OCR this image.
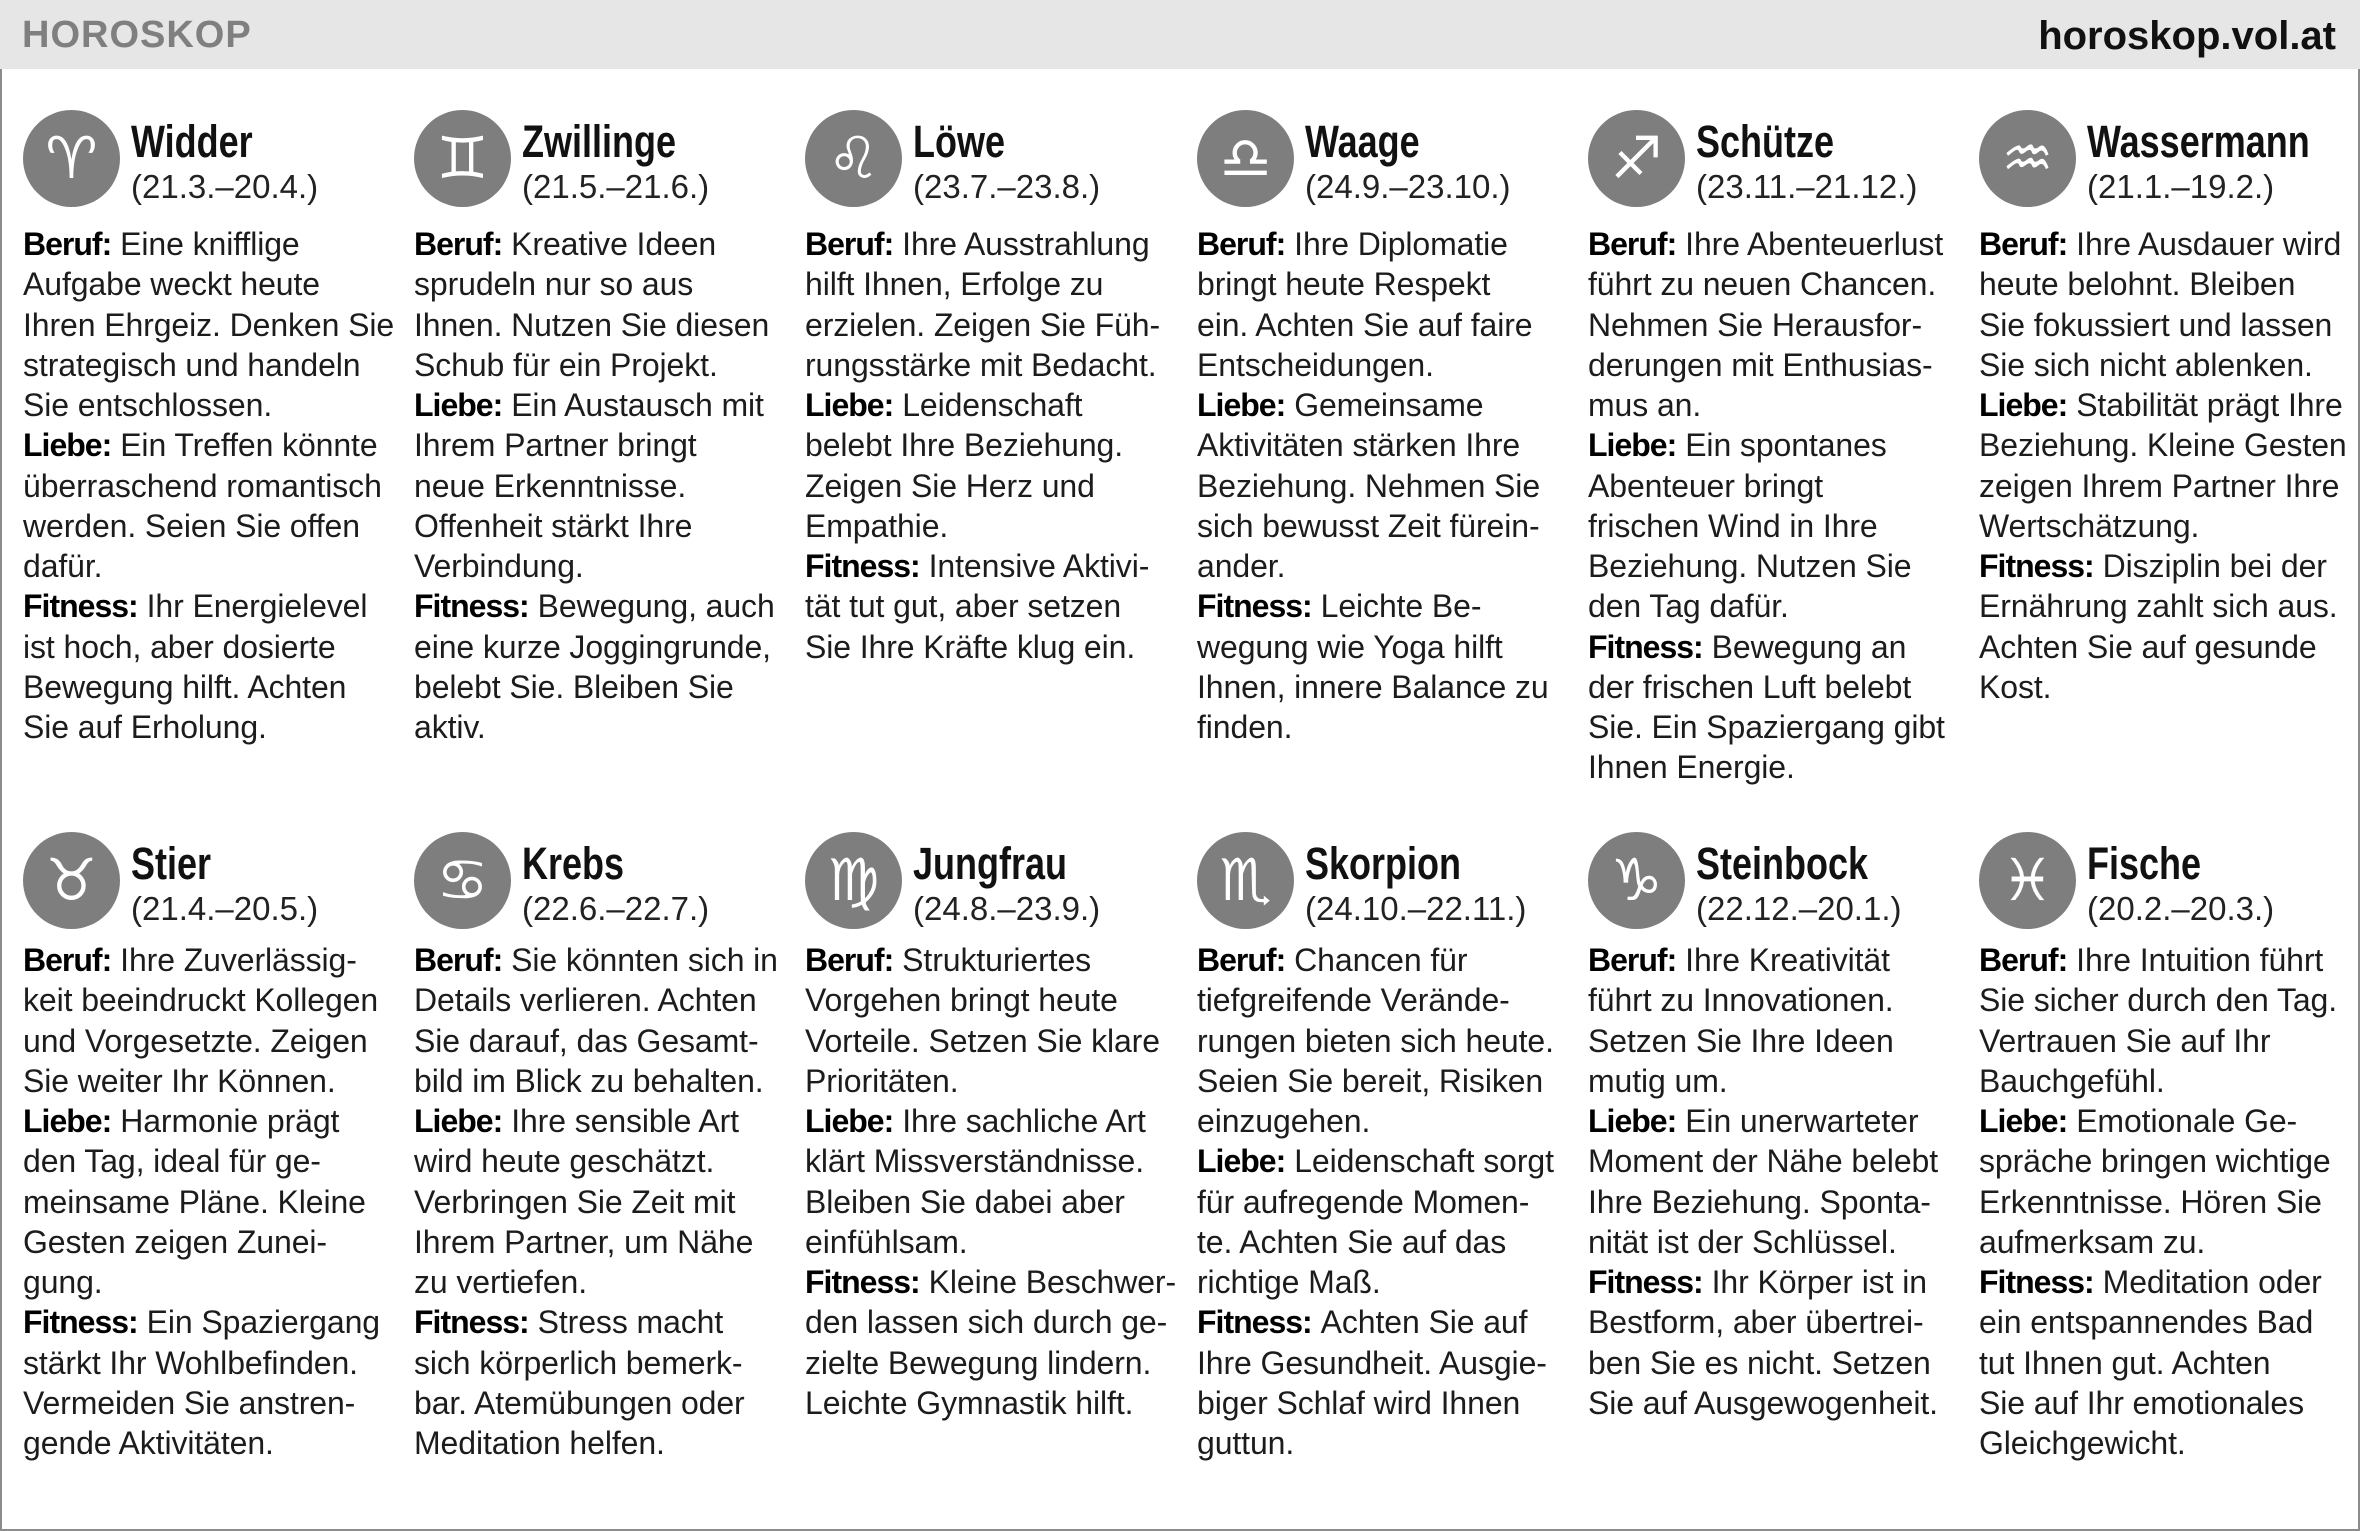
HOROSKOP	horoskop.vol.at
♈︎ Widder
(21.3.–20.4.)
Beruf: Eine knifflige
Aufgabe weckt heute
Ihren Ehrgeiz. Denken Sie
strategisch und handeln
Sie entschlossen.
Liebe: Ein Treffen könnte
überraschend romantisch
werden. Seien Sie offen
dafür.
Fitness: Ihr Energielevel
ist hoch, aber dosierte
Bewegung hilft. Achten
Sie auf Erholung.
♊︎ Zwillinge
(21.5.–21.6.)
Beruf: Kreative Ideen
sprudeln nur so aus
Ihnen. Nutzen Sie diesen
Schub für ein Projekt.
Liebe: Ein Austausch mit
Ihrem Partner bringt
neue Erkenntnisse.
Offenheit stärkt Ihre
Verbindung.
Fitness: Bewegung, auch
eine kurze Joggingrunde,
belebt Sie. Bleiben Sie
aktiv.
♌︎ Löwe
(23.7.–23.8.)
Beruf: Ihre Ausstrahlung
hilft Ihnen, Erfolge zu
erzielen. Zeigen Sie Füh-
rungsstärke mit Bedacht.
Liebe: Leidenschaft
belebt Ihre Beziehung.
Zeigen Sie Herz und
Empathie.
Fitness: Intensive Aktivi-
tät tut gut, aber setzen
Sie Ihre Kräfte klug ein.
♎︎ Waage
(24.9.–23.10.)
Beruf: Ihre Diplomatie
bringt heute Respekt
ein. Achten Sie auf faire
Entscheidungen.
Liebe: Gemeinsame
Aktivitäten stärken Ihre
Beziehung. Nehmen Sie
sich bewusst Zeit fürein-
ander.
Fitness: Leichte Be-
wegung wie Yoga hilft
Ihnen, innere Balance zu
finden.
♐︎ Schütze
(23.11.–21.12.)
Beruf: Ihre Abenteuerlust
führt zu neuen Chancen.
Nehmen Sie Herausfor-
derungen mit Enthusias-
mus an.
Liebe: Ein spontanes
Abenteuer bringt
frischen Wind in Ihre
Beziehung. Nutzen Sie
den Tag dafür.
Fitness: Bewegung an
der frischen Luft belebt
Sie. Ein Spaziergang gibt
Ihnen Energie.
♒︎ Wassermann
(21.1.–19.2.)
Beruf: Ihre Ausdauer wird
heute belohnt. Bleiben
Sie fokussiert und lassen
Sie sich nicht ablenken.
Liebe: Stabilität prägt Ihre
Beziehung. Kleine Gesten
zeigen Ihrem Partner Ihre
Wertschätzung.
Fitness: Disziplin bei der
Ernährung zahlt sich aus.
Achten Sie auf gesunde
Kost.
♉︎ Stier
(21.4.–20.5.)
Beruf: Ihre Zuverlässig-
keit beeindruckt Kollegen
und Vorgesetzte. Zeigen
Sie weiter Ihr Können.
Liebe: Harmonie prägt
den Tag, ideal für ge-
meinsame Pläne. Kleine
Gesten zeigen Zunei-
gung.
Fitness: Ein Spaziergang
stärkt Ihr Wohlbefinden.
Vermeiden Sie anstren-
gende Aktivitäten.
♋︎ Krebs
(22.6.–22.7.)
Beruf: Sie könnten sich in
Details verlieren. Achten
Sie darauf, das Gesamt-
bild im Blick zu behalten.
Liebe: Ihre sensible Art
wird heute geschätzt.
Verbringen Sie Zeit mit
Ihrem Partner, um Nähe
zu vertiefen.
Fitness: Stress macht
sich körperlich bemerk-
bar. Atemübungen oder
Meditation helfen.
♍︎ Jungfrau
(24.8.–23.9.)
Beruf: Strukturiertes
Vorgehen bringt heute
Vorteile. Setzen Sie klare
Prioritäten.
Liebe: Ihre sachliche Art
klärt Missverständnisse.
Bleiben Sie dabei aber
einfühlsam.
Fitness: Kleine Beschwer-
den lassen sich durch ge-
zielte Bewegung lindern.
Leichte Gymnastik hilft.
♏︎ Skorpion
(24.10.–22.11.)
Beruf: Chancen für
tiefgreifende Verände-
rungen bieten sich heute.
Seien Sie bereit, Risiken
einzugehen.
Liebe: Leidenschaft sorgt
für aufregende Momen-
te. Achten Sie auf das
richtige Maß.
Fitness: Achten Sie auf
Ihre Gesundheit. Ausgie-
biger Schlaf wird Ihnen
guttun.
♑︎ Steinbock
(22.12.–20.1.)
Beruf: Ihre Kreativität
führt zu Innovationen.
Setzen Sie Ihre Ideen
mutig um.
Liebe: Ein unerwarteter
Moment der Nähe belebt
Ihre Beziehung. Sponta-
nität ist der Schlüssel.
Fitness: Ihr Körper ist in
Bestform, aber übertrei-
ben Sie es nicht. Setzen
Sie auf Ausgewogenheit.
♓︎ Fische
(20.2.–20.3.)
Beruf: Ihre Intuition führt
Sie sicher durch den Tag.
Vertrauen Sie auf Ihr
Bauchgefühl.
Liebe: Emotionale Ge-
spräche bringen wichtige
Erkenntnisse. Hören Sie
aufmerksam zu.
Fitness: Meditation oder
ein entspannendes Bad
tut Ihnen gut. Achten
Sie auf Ihr emotionales
Gleichgewicht.
